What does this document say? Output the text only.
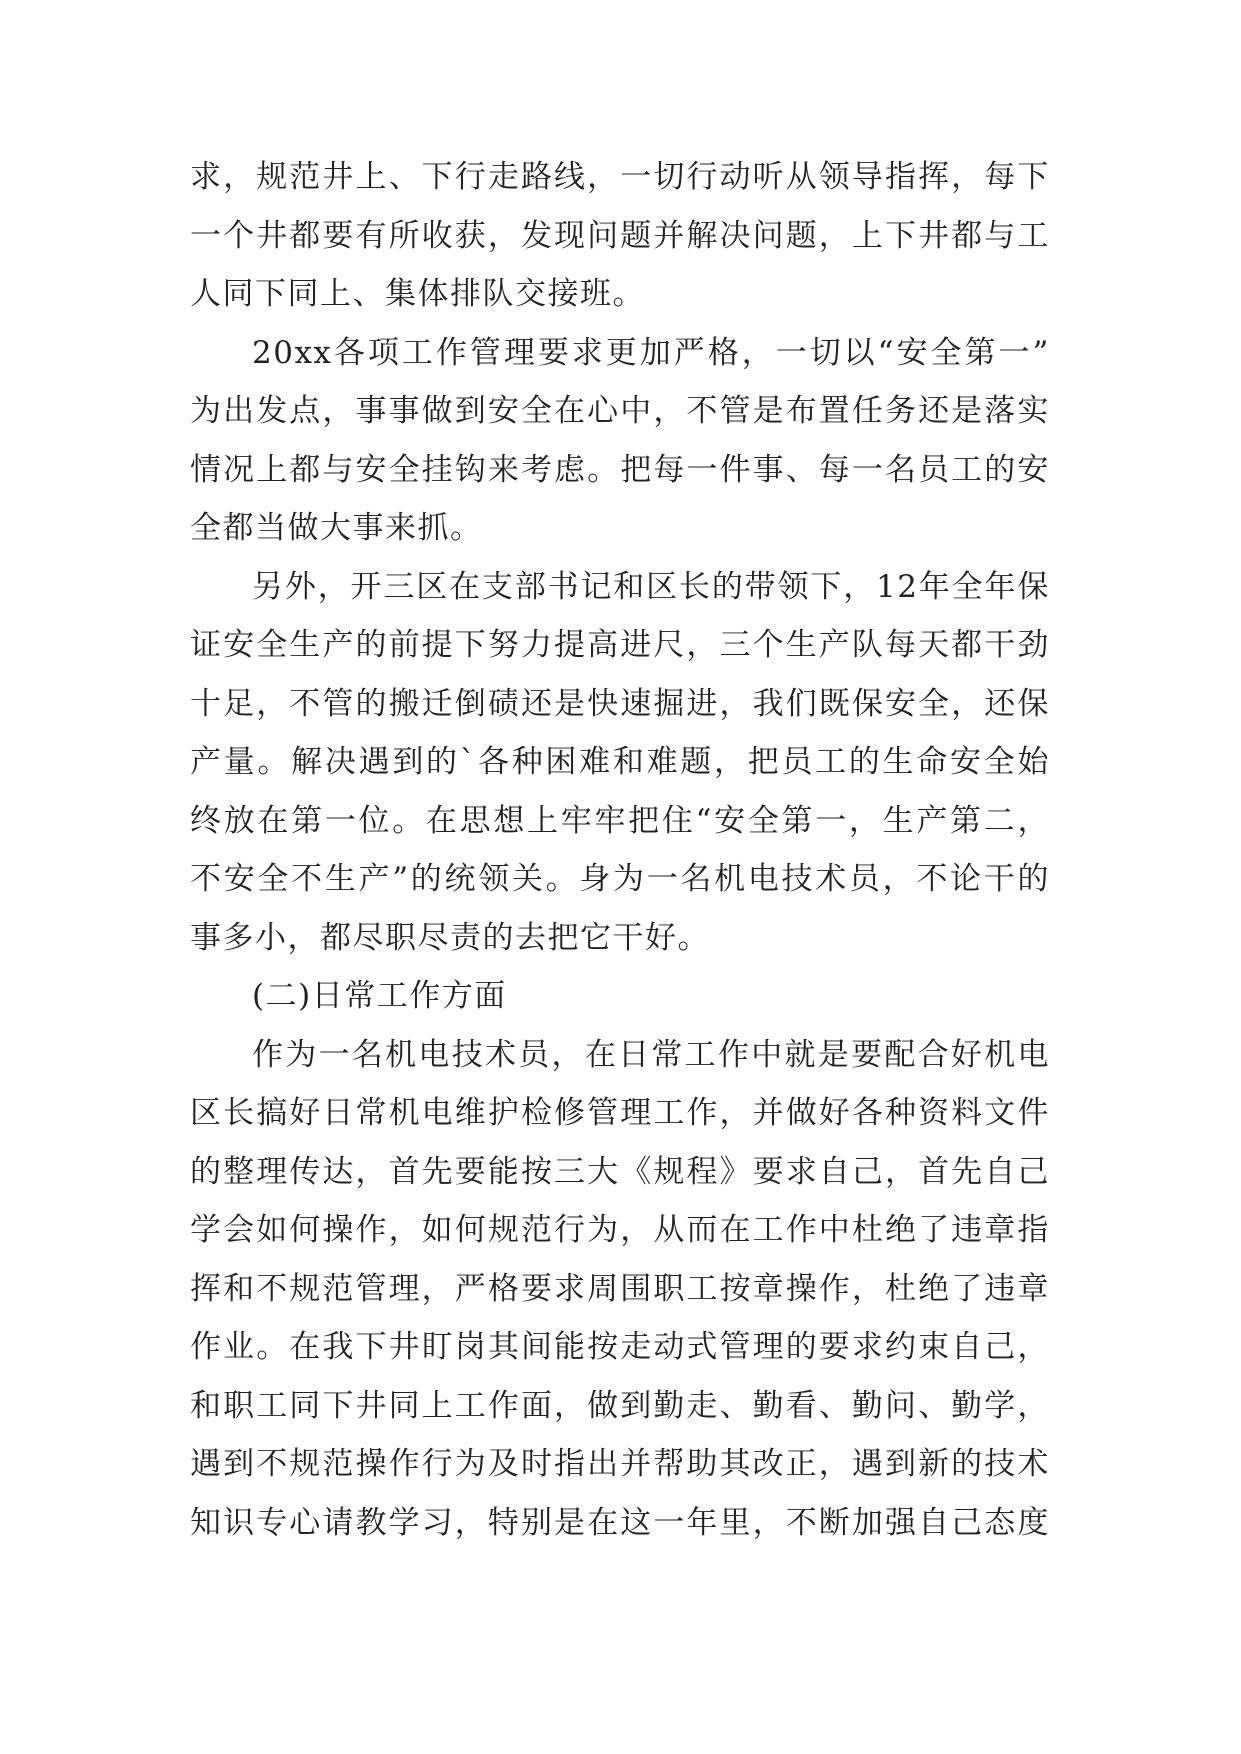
求 ， 规 范 井 上 、 下 行 走 路 线 ， 一 切 行 动 听 从 领 导 指 挥 ， 每 下
一 个 井 都 要 有 所 收 获 ， 发 现 问 题 并 解 决 问 题 ， 上 下 井 都 与 工
人同下同上、集体排队交接班。
20xx 各 项 工 作 管 理 要 求 更 加 严 格 ， 一 切 以 “ 安 全 第 一 ”
为 出 发 点 ， 事 事 做 到 安 全 在 心 中 ， 不 管 是 布 置 任 务 还 是 落 实
情 况 上 都 与 安 全 挂 钩 来 考 虑 。 把 每 一 件 事 、 每 一 名 员 工 的 安
全都当做大事来抓。
另 外 ， 开 三 区 在 支 部 书 记 和 区 长 的 带 领 下 ， 12 年 全 年 保
证 安 全 生 产 的 前 提 下 努 力 提 高 进 尺 ， 三 个 生 产 队 每 天 都 干 劲
十 足 ， 不 管 的 搬 迁 倒 碛 还 是 快 速 掘 进 ， 我 们 既 保 安 全 ， 还 保
产 量 。 解 决 遇 到 的 ` 各 种 困 难 和 难 题 ， 把 员 工 的 生 命 安 全 始
终 放 在 第 一 位 。 在 思 想 上 牢 牢 把 住 “ 安 全 第 一 ， 生 产 第 二 ，
不 安 全 不 生 产 ” 的 统 领 关 。 身 为 一 名 机 电 技 术 员 ， 不 论 干 的
事多小，都尽职尽责的去把它干好。
(二)日常工作方面
作 为 一 名 机 电 技 术 员 ， 在 日 常 工 作 中 就 是 要 配 合 好 机 电
区 长 搞 好 日 常 机 电 维 护 检 修 管 理 工 作 ， 并 做 好 各 种 资 料 文 件
的 整 理 传 达 ， 首 先 要 能 按 三 大 《 规 程 》 要 求 自 己 ， 首 先 自 己
学 会 如 何 操 作 ， 如 何 规 范 行 为 ， 从 而 在 工 作 中 杜 绝 了 违 章 指
挥 和 不 规 范 管 理 ， 严 格 要 求 周 围 职 工 按 章 操 作 ， 杜 绝 了 违 章
作 业 。 在 我 下 井 盯 岗 其 间 能 按 走 动 式 管 理 的 要 求 约 束 自 己 ，
和 职 工 同 下 井 同 上 工 作 面 ， 做 到 勤 走 、 勤 看 、 勤 问 、 勤 学 ，
遇 到 不 规 范 操 作 行 为 及 时 指 出 并 帮 助 其 改 正 ， 遇 到 新 的 技 术
知 识 专 心 请 教 学 习 ， 特 别 是 在 这 一 年 里 ， 不 断 加 强 自 己 态 度
